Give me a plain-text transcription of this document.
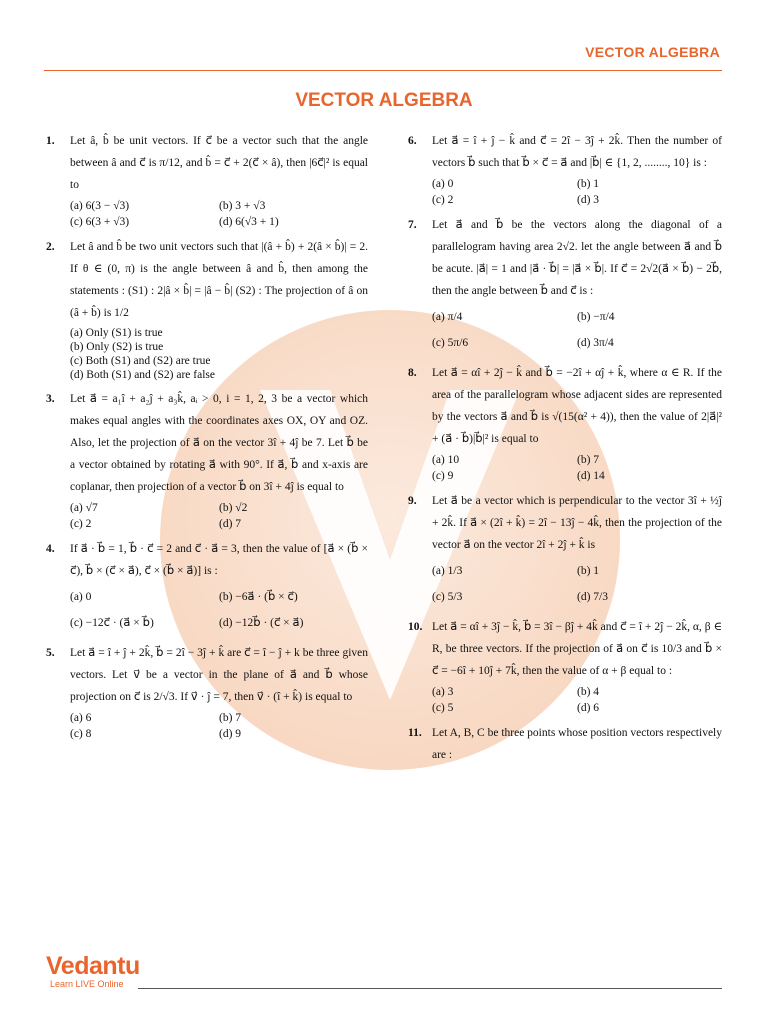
VECTOR ALGEBRA
VECTOR ALGEBRA
1. Let â, b̂ be unit vectors. If c⃗ be a vector such that the angle between â and c⃗ is π/12, and b̂ = c⃗ + 2(c⃗ × â), then |6c⃗|² is equal to
(a) 6(3 − √3)	(b) 3 + √3
(c) 6(3 + √3)	(d) 6(√3 + 1)
2. Let â and b̂ be two unit vectors such that |(â + b̂) + 2(â × b̂)| = 2. If θ ∈ (0, π) is the angle between â and b̂, then among the statements : (S1) : 2|â × b̂| = |â − b̂| (S2) : The projection of â on (â + b̂) is 1/2
(a) Only (S1) is true
(b) Only (S2) is true
(c) Both (S1) and (S2) are true
(d) Both (S1) and (S2) are false
3. Let a⃗ = a₁î + a₂ĵ + a₃k̂, aᵢ > 0, i = 1, 2, 3 be a vector which makes equal angles with the coordinates axes OX, OY and OZ. Also, let the projection of a⃗ on the vector 3î + 4ĵ be 7. Let b⃗ be a vector obtained by rotating a⃗ with 90°. If a⃗, b⃗ and x-axis are coplanar, then projection of a vector b⃗ on 3î + 4ĵ is equal to
(a) √7	(b) √2
(c) 2	(d) 7
4. If a⃗ · b⃗ = 1, b⃗ · c⃗ = 2 and c⃗ · a⃗ = 3, then the value of [a⃗ × (b⃗ × c⃗), b⃗ × (c⃗ × a⃗), c⃗ × (b⃗ × a⃗)] is :
(a) 0	(b) −6a⃗ · (b⃗ × c⃗)
(c) −12c⃗ · (a⃗ × b⃗)	(d) −12b⃗ · (c⃗ × a⃗)
5. Let a⃗ = î + ĵ + 2k̂, b⃗ = 2î − 3ĵ + k̂ are c⃗ = î − ĵ + k be three given vectors. Let v⃗ be a vector in the plane of a⃗ and b⃗ whose projection on c⃗ is 2/√3. If v⃗ · ĵ = 7, then v⃗ · (î + k̂) is equal to
(a) 6	(b) 7
(c) 8	(d) 9
6. Let a⃗ = î + ĵ − k̂ and c⃗ = 2î − 3ĵ + 2k̂. Then the number of vectors b⃗ such that b⃗ × c⃗ = a⃗ and |b⃗| ∈ {1, 2, ........, 10} is :
(a) 0	(b) 1
(c) 2	(d) 3
7. Let a⃗ and b⃗ be the vectors along the diagonal of a parallelogram having area 2√2. let the angle between a⃗ and b⃗ be acute. |a⃗| = 1 and |a⃗ · b⃗| = |a⃗ × b⃗|. If c⃗ = 2√2(a⃗ × b⃗) − 2b⃗, then the angle between b⃗ and c⃗ is :
(a) π/4	(b) −π/4
(c) 5π/6	(d) 3π/4
8. Let a⃗ = αî + 2ĵ − k̂ and b⃗ = −2î + αĵ + k̂, where α ∈ R. If the area of the parallelogram whose adjacent sides are represented by the vectors a⃗ and b⃗ is √(15(α² + 4)), then the value of 2|a⃗|² + (a⃗ · b⃗)|b⃗|² is equal to
(a) 10	(b) 7
(c) 9	(d) 14
9. Let a⃗ be a vector which is perpendicular to the vector 3î + ½ĵ + 2k̂. If a⃗ × (2î + k̂) = 2î − 13ĵ − 4k̂, then the projection of the vector a⃗ on the vector 2î + 2ĵ + k̂ is
(a) 1/3	(b) 1
(c) 5/3	(d) 7/3
10. Let a⃗ = αî + 3ĵ − k̂, b⃗ = 3î − βĵ + 4k̂ and c⃗ = î + 2ĵ − 2k̂, α, β ∈ R, be three vectors. If the projection of a⃗ on c⃗ is 10/3 and b⃗ × c⃗ = −6î + 10ĵ + 7k̂, then the value of α + β equal to :
(a) 3	(b) 4
(c) 5	(d) 6
11. Let A, B, C be three points whose position vectors respectively are :
Vedantu
Learn LIVE Online
